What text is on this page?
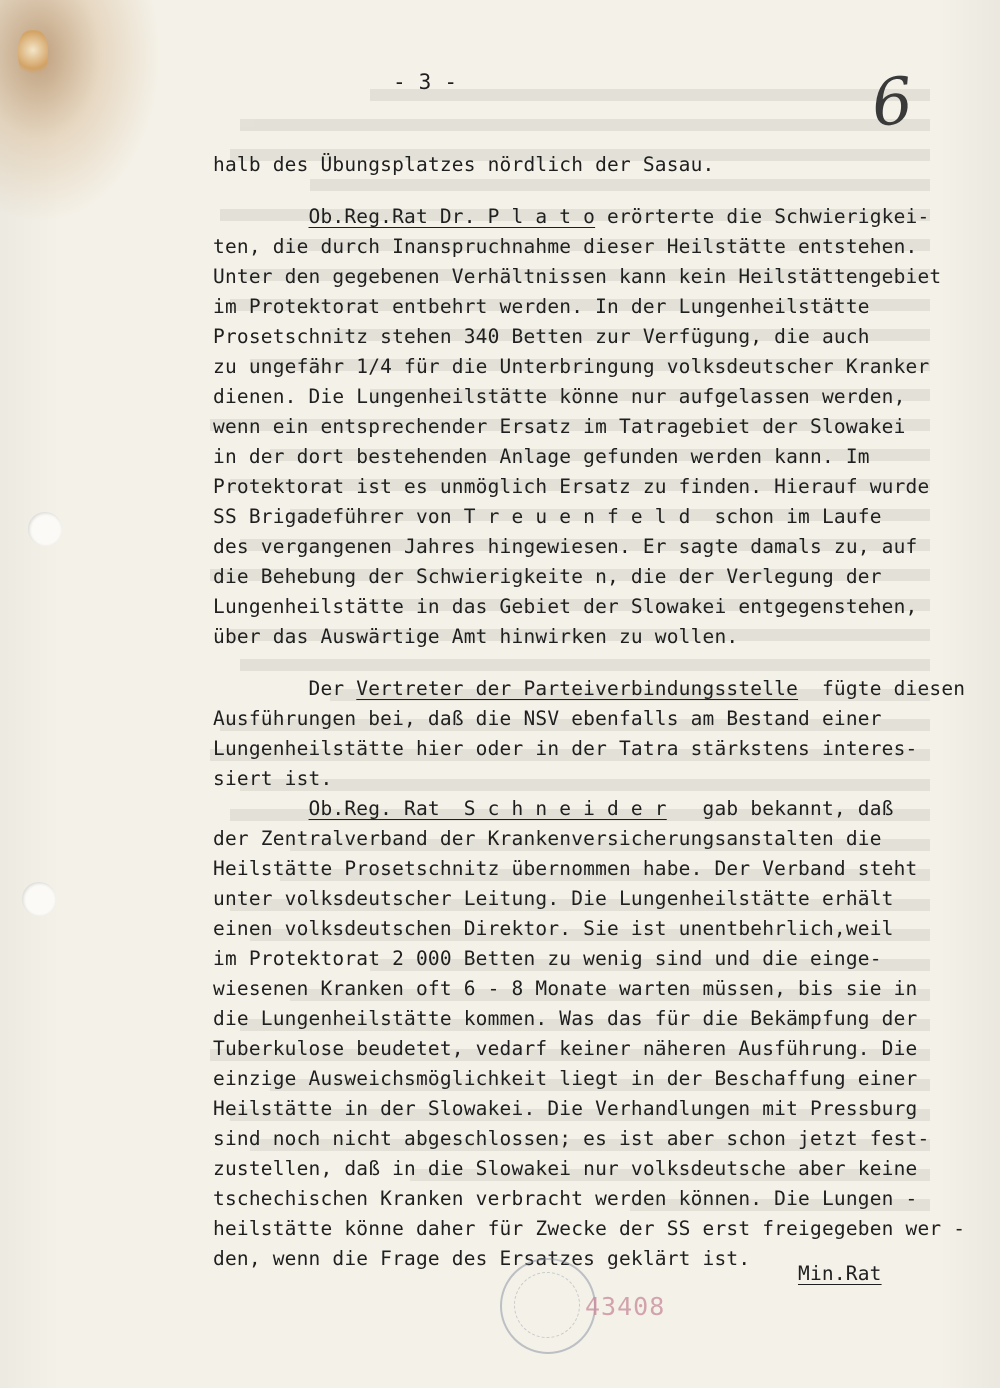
- 3 -	6
halb des Übungsplatzes nördlich der Sasau.
Ob.Reg.Rat Dr. P l a t o erörterte die Schwierigkei-
ten, die durch Inanspruchnahme dieser Heilstätte entstehen.
Unter den gegebenen Verhältnissen kann kein Heilstättengebiet
im Protektorat entbehrt werden. In der Lungenheilstätte
Prosetschnitz stehen 340 Betten zur Verfügung, die auch
zu ungefähr 1/4 für die Unterbringung volksdeutscher Kranker
dienen. Die Lungenheilstätte könne nur aufgelassen werden,
wenn ein entsprechender Ersatz im Tatragebiet der Slowakei
in der dort bestehenden Anlage gefunden werden kann. Im
Protektorat ist es unmöglich Ersatz zu finden. Hierauf wurde
SS Brigadeführer von T r e u e n f e l d  schon im Laufe
des vergangenen Jahres hingewiesen. Er sagte damals zu, auf
die Behebung der Schwierigkeite n, die der Verlegung der
Lungenheilstätte in das Gebiet der Slowakei entgegenstehen,
über das Auswärtige Amt hinwirken zu wollen.
Der Vertreter der Parteiverbindungsstelle  fügte diesen
Ausführungen bei, daß die NSV ebenfalls am Bestand einer
Lungenheilstätte hier oder in der Tatra stärkstens interes-
siert ist.
Ob.Reg. Rat  S c h n e i d e r   gab bekannt, daß
der Zentralverband der Krankenversicherungsanstalten die
Heilstätte Prosetschnitz übernommen habe. Der Verband steht
unter volksdeutscher Leitung. Die Lungenheilstätte erhält
einen volksdeutschen Direktor. Sie ist unentbehrlich,weil
im Protektorat 2 000 Betten zu wenig sind und die einge-
wiesenen Kranken oft 6 - 8 Monate warten müssen, bis sie in
die Lungenheilstätte kommen. Was das für die Bekämpfung der
Tuberkulose beudetet, vedarf keiner näheren Ausführung. Die
einzige Ausweichsmöglichkeit liegt in der Beschaffung einer
Heilstätte in der Slowakei. Die Verhandlungen mit Pressburg
sind noch nicht abgeschlossen; es ist aber schon jetzt fest-
zustellen, daß in die Slowakei nur volksdeutsche aber keine
tschechischen Kranken verbracht werden können. Die Lungen -
heilstätte könne daher für Zwecke der SS erst freigegeben wer -
den, wenn die Frage des Ersatzes geklärt ist.
43408
Min.Rat
